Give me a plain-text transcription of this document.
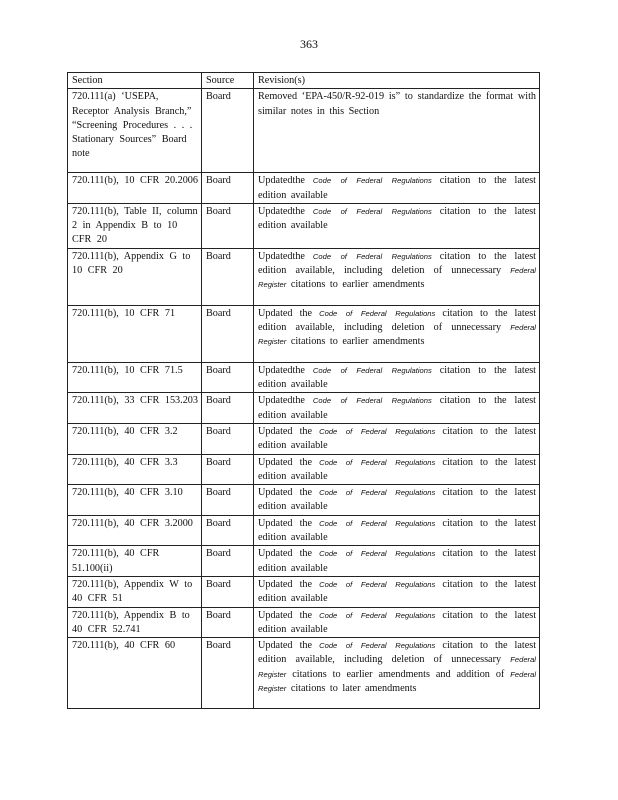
363
Section	Source	Revision(s)
720.111(a) ‘USEPA, Receptor Analysis Branch,” “Screening Procedures . . . Stationary Sources” Board note	Board	Removed ‘EPA-450/R-92-019 is” to standardize the format with similar notes in this Section
720.111(b), 10 CFR 20.2006	Board	Updatedthe Code of Federal Regulations citation to the latest edition available
720.111(b), Table II, column 2 in Appendix B to 10 CFR 20	Board	Updatedthe Code of Federal Regulations citation to the latest edition available
720.111(b), Appendix G to 10 CFR 20	Board	Updatedthe Code of Federal Regulations citation to the latest edition available, including deletion of unnecessary Federal Register citations to earlier amendments
720.111(b), 10 CFR 71	Board	Updated the Code of Federal Regulations citation to the latest edition available, including deletion of unnecessary Federal Register citations to earlier amendments
720.111(b), 10 CFR 71.5	Board	Updatedthe Code of Federal Regulations citation to the latest edition available
720.111(b), 33 CFR 153.203	Board	Updatedthe Code of Federal Regulations citation to the latest edition available
720.111(b), 40 CFR 3.2	Board	Updated the Code of Federal Regulations citation to the latest edition available
720.111(b), 40 CFR 3.3	Board	Updated the Code of Federal Regulations citation to the latest edition available
720.111(b), 40 CFR 3.10	Board	Updated the Code of Federal Regulations citation to the latest edition available
720.111(b), 40 CFR 3.2000	Board	Updated the Code of Federal Regulations citation to the latest edition available
720.111(b), 40 CFR 51.100(ii)	Board	Updated the Code of Federal Regulations citation to the latest edition available
720.111(b), Appendix W to 40 CFR 51	Board	Updated the Code of Federal Regulations citation to the latest edition available
720.111(b), Appendix B to 40 CFR 52.741	Board	Updated the Code of Federal Regulations citation to the latest edition available
720.111(b), 40 CFR 60	Board	Updated the Code of Federal Regulations citation to the latest edition available, including deletion of unnecessary Federal Register citations to earlier amendments and addition of Federal Register citations to later amendments
